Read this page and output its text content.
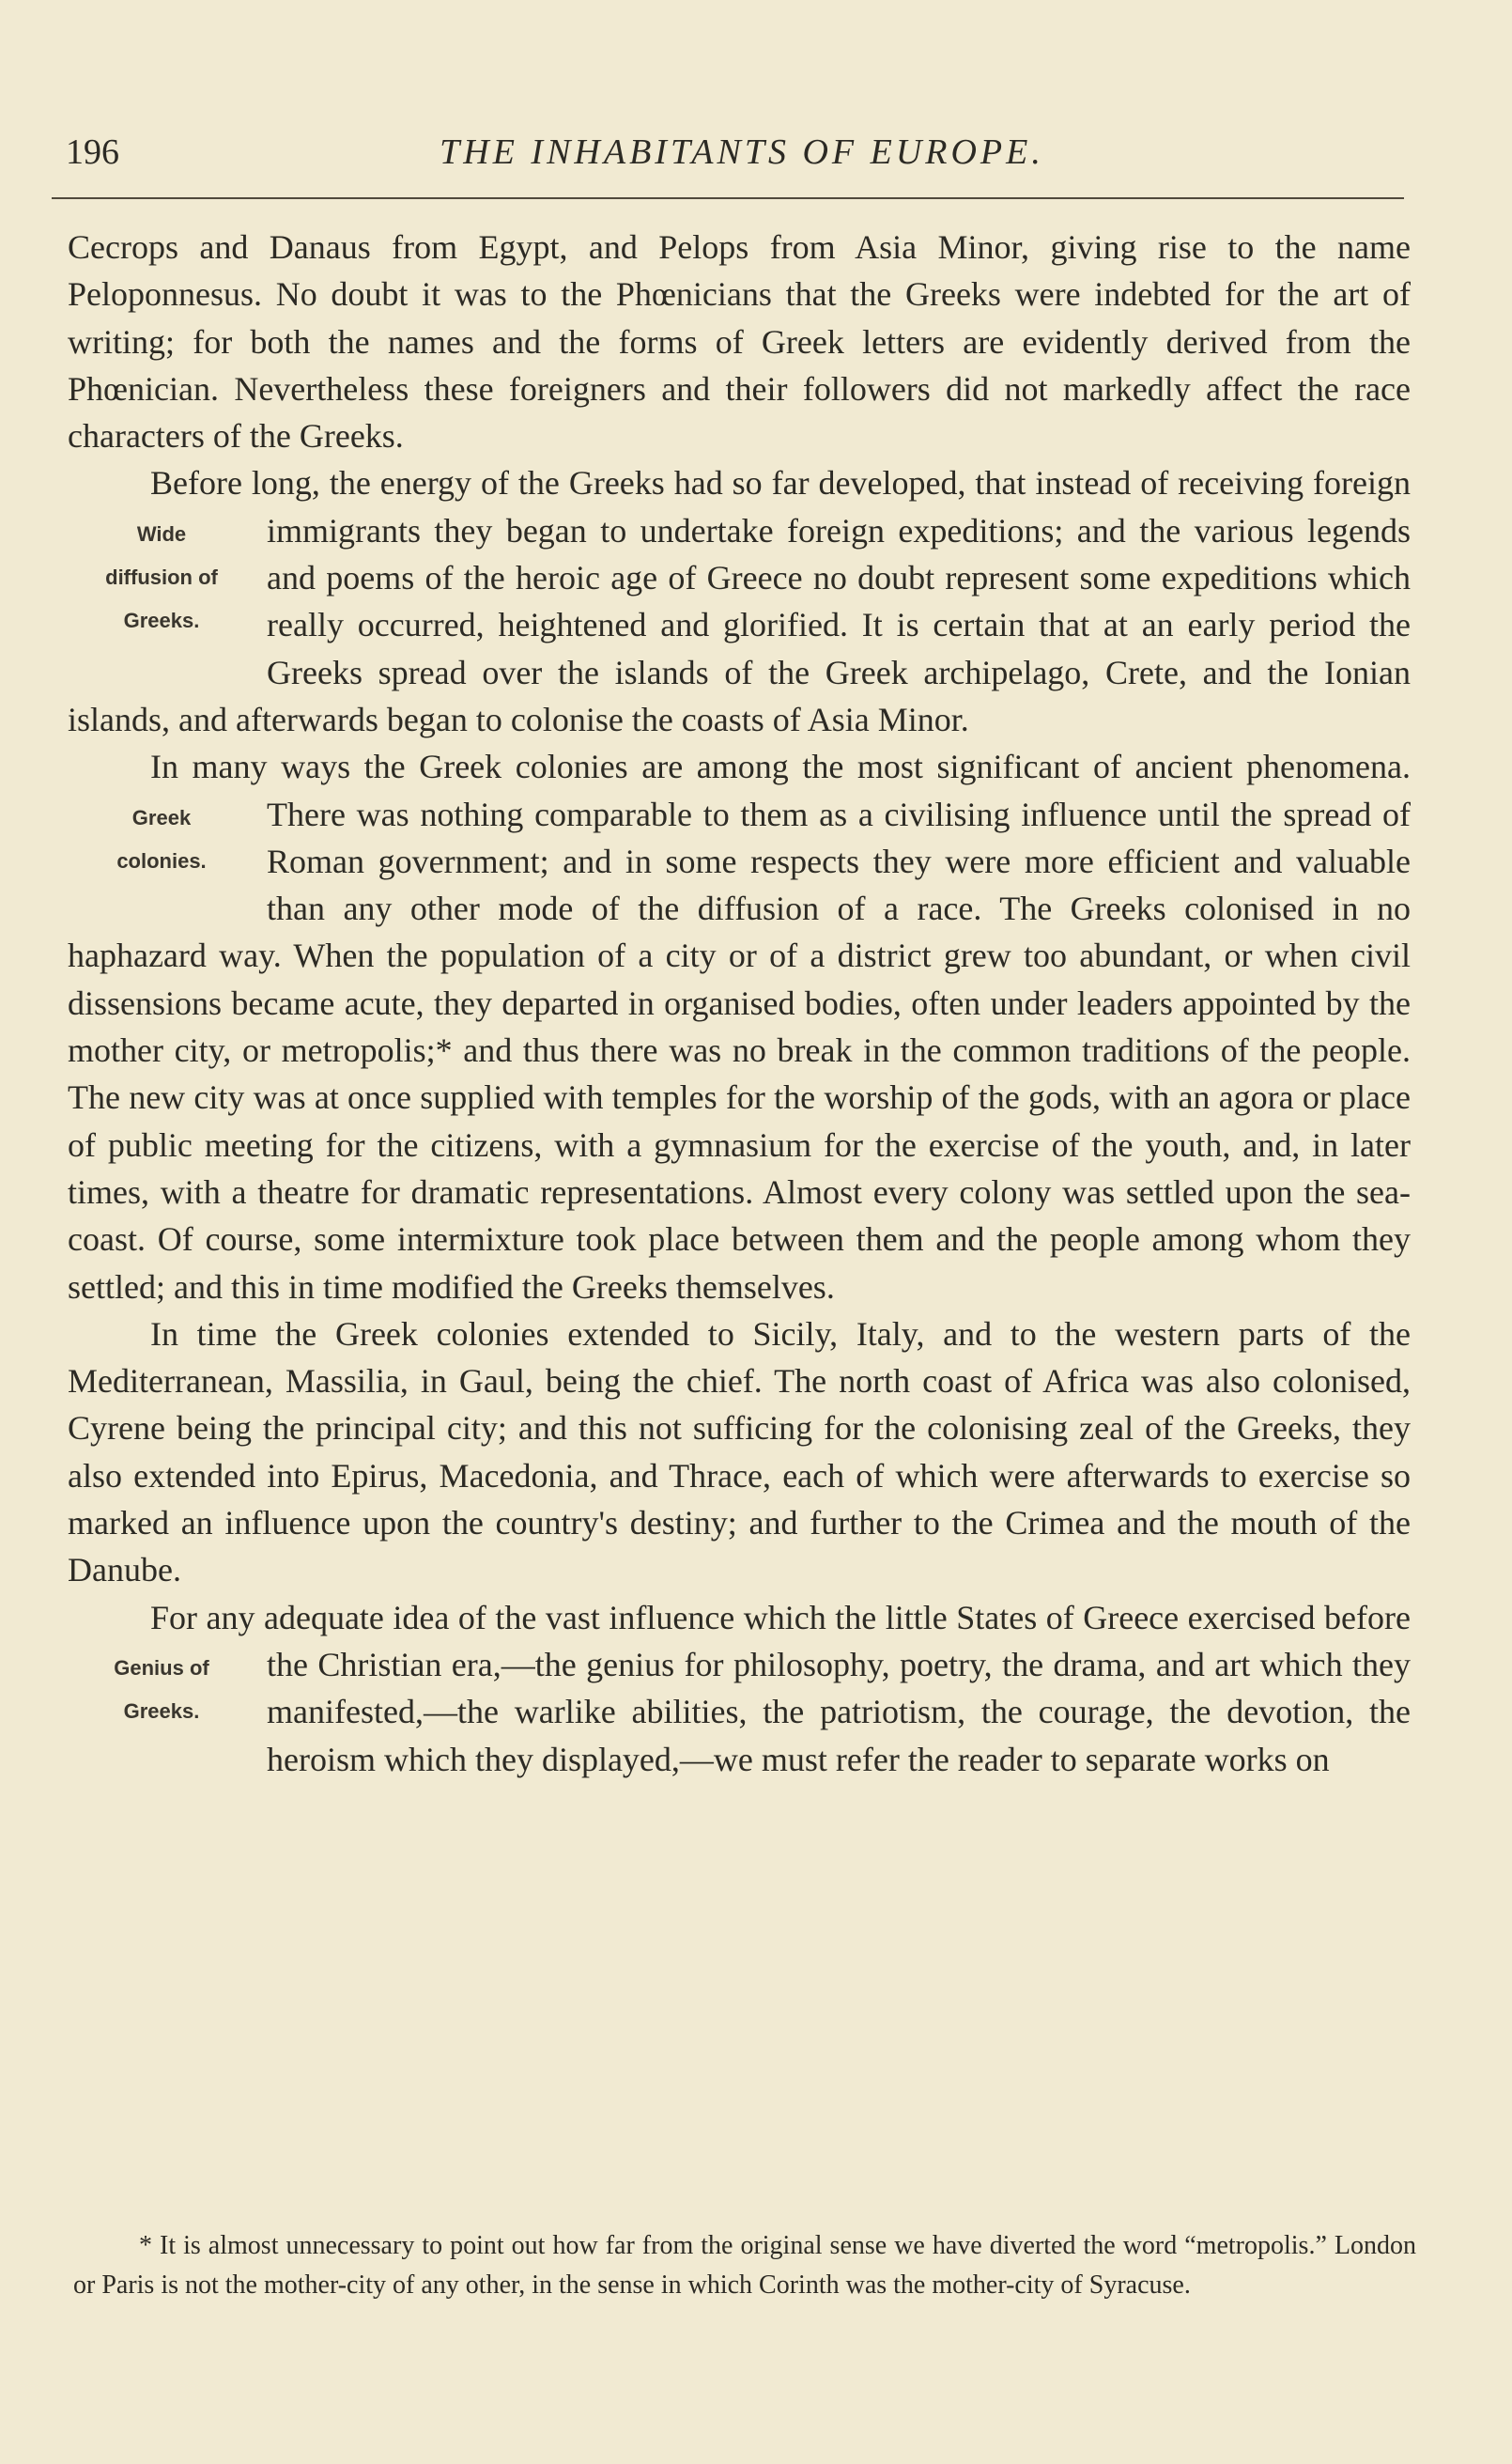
196	THE INHABITANTS OF EUROPE.

Cecrops and Danaus from Egypt, and Pelops from Asia Minor, giving rise to the name Peloponnesus. No doubt it was to the Phœnicians that the Greeks were indebted for the art of writing; for both the names and the forms of Greek letters are evidently derived from the Phœnician. Nevertheless these foreigners and their followers did not markedly affect the race characters of the Greeks.

Before long, the energy of the Greeks had so far developed, that instead of receiving foreign immigrants they began to undertake foreign
Wide
diffusion of
Greeks.
expeditions; and the various legends and poems of the heroic age of Greece no doubt represent some expeditions which really occurred, heightened and glorified. It is certain that at an early period the Greeks spread over the islands of the Greek archipelago, Crete, and the Ionian islands, and afterwards began to colonise the coasts of Asia Minor.

In many ways the Greek colonies are among the most significant of ancient phenomena. There was nothing comparable to them as a
Greek
colonies.
civilising influence until the spread of Roman government; and in some respects they were more efficient and valuable than any other mode of the diffusion of a race. The Greeks colonised in no haphazard way. When the population of a city or of a district grew too abundant, or when civil dissensions became acute, they departed in organised bodies, often under leaders appointed by the mother city, or metropolis;* and thus there was no break in the common traditions of the people. The new city was at once supplied with temples for the worship of the gods, with an agora or place of public meeting for the citizens, with a gymnasium for the exercise of the youth, and, in later times, with a theatre for dramatic representations. Almost every colony was settled upon the sea-coast. Of course, some intermixture took place between them and the people among whom they settled; and this in time modified the Greeks themselves.

In time the Greek colonies extended to Sicily, Italy, and to the western parts of the Mediterranean, Massilia, in Gaul, being the chief. The north coast of Africa was also colonised, Cyrene being the principal city; and this not sufficing for the colonising zeal of the Greeks, they also extended into Epirus, Macedonia, and Thrace, each of which were afterwards to exercise so marked an influence upon the country's destiny; and further to the Crimea and the mouth of the Danube.

For any adequate idea of the vast influence which the little States of Greece exercised before the Christian era,—the genius for philosophy,
Genius of
Greeks.
poetry, the drama, and art which they manifested,—the warlike abilities, the patriotism, the courage, the devotion, the heroism which they displayed,—we must refer the reader to separate works on

* It is almost unnecessary to point out how far from the original sense we have diverted the word “metropolis.” London or Paris is not the mother-city of any other, in the sense in which Corinth was the mother-city of Syracuse.
